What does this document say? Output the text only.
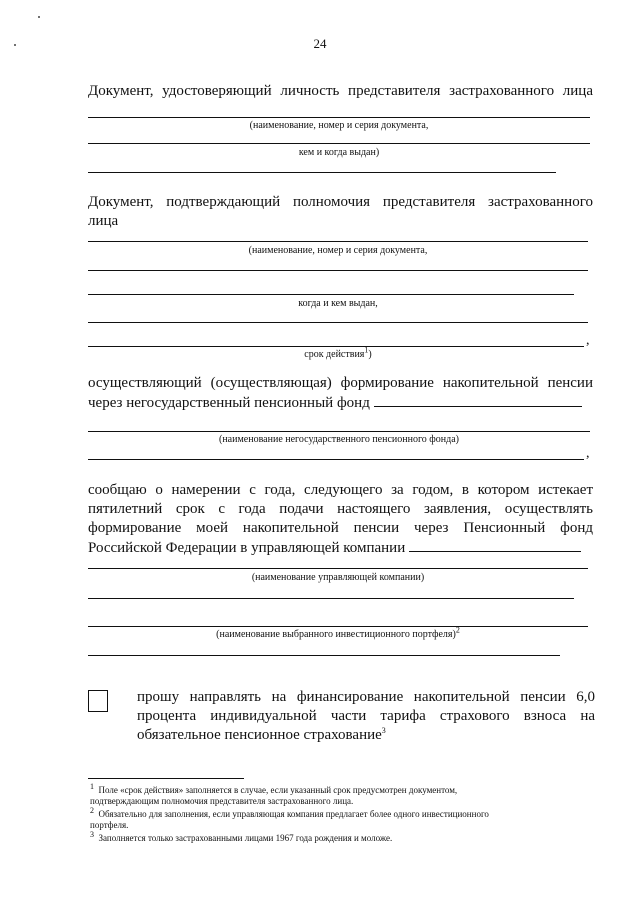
24
Документ, удостоверяющий личность представителя застрахованного лица
(наименование, номер и серия документа,
кем и когда выдан)
Документ, подтверждающий полномочия представителя застрахованного
лица
(наименование, номер и серия документа,
когда и кем выдан,
,
срок действия$^1$)
осуществляющий (осуществляющая) формирование накопительной пенсии
через негосударственный пенсионный фонд
(наименование негосударственного пенсионного фонда)
,
сообщаю о намерении с года, следующего за годом, в котором истекает
пятилетний срок с года подачи настоящего заявления, осуществлять
формирование моей накопительной пенсии через Пенсионный фонд
Российской Федерации в управляющей компании
(наименование управляющей компании)
(наименование выбранного инвестиционного портфеля)$^2$
прошу направлять на финансирование накопительной пенсии 6,0
процента индивидуальной части тарифа страхового взноса на
обязательное пенсионное страхование$^3$
$^1$ Поле «срок действия» заполняется в случае, если указанный срок предусмотрен документом,
подтверждающим полномочия представителя застрахованного лица.
$^2$ Обязательно для заполнения, если управляющая компания предлагает более одного инвестиционного
портфеля.
$^3$ Заполняется только застрахованными лицами 1967 года рождения и моложе.
